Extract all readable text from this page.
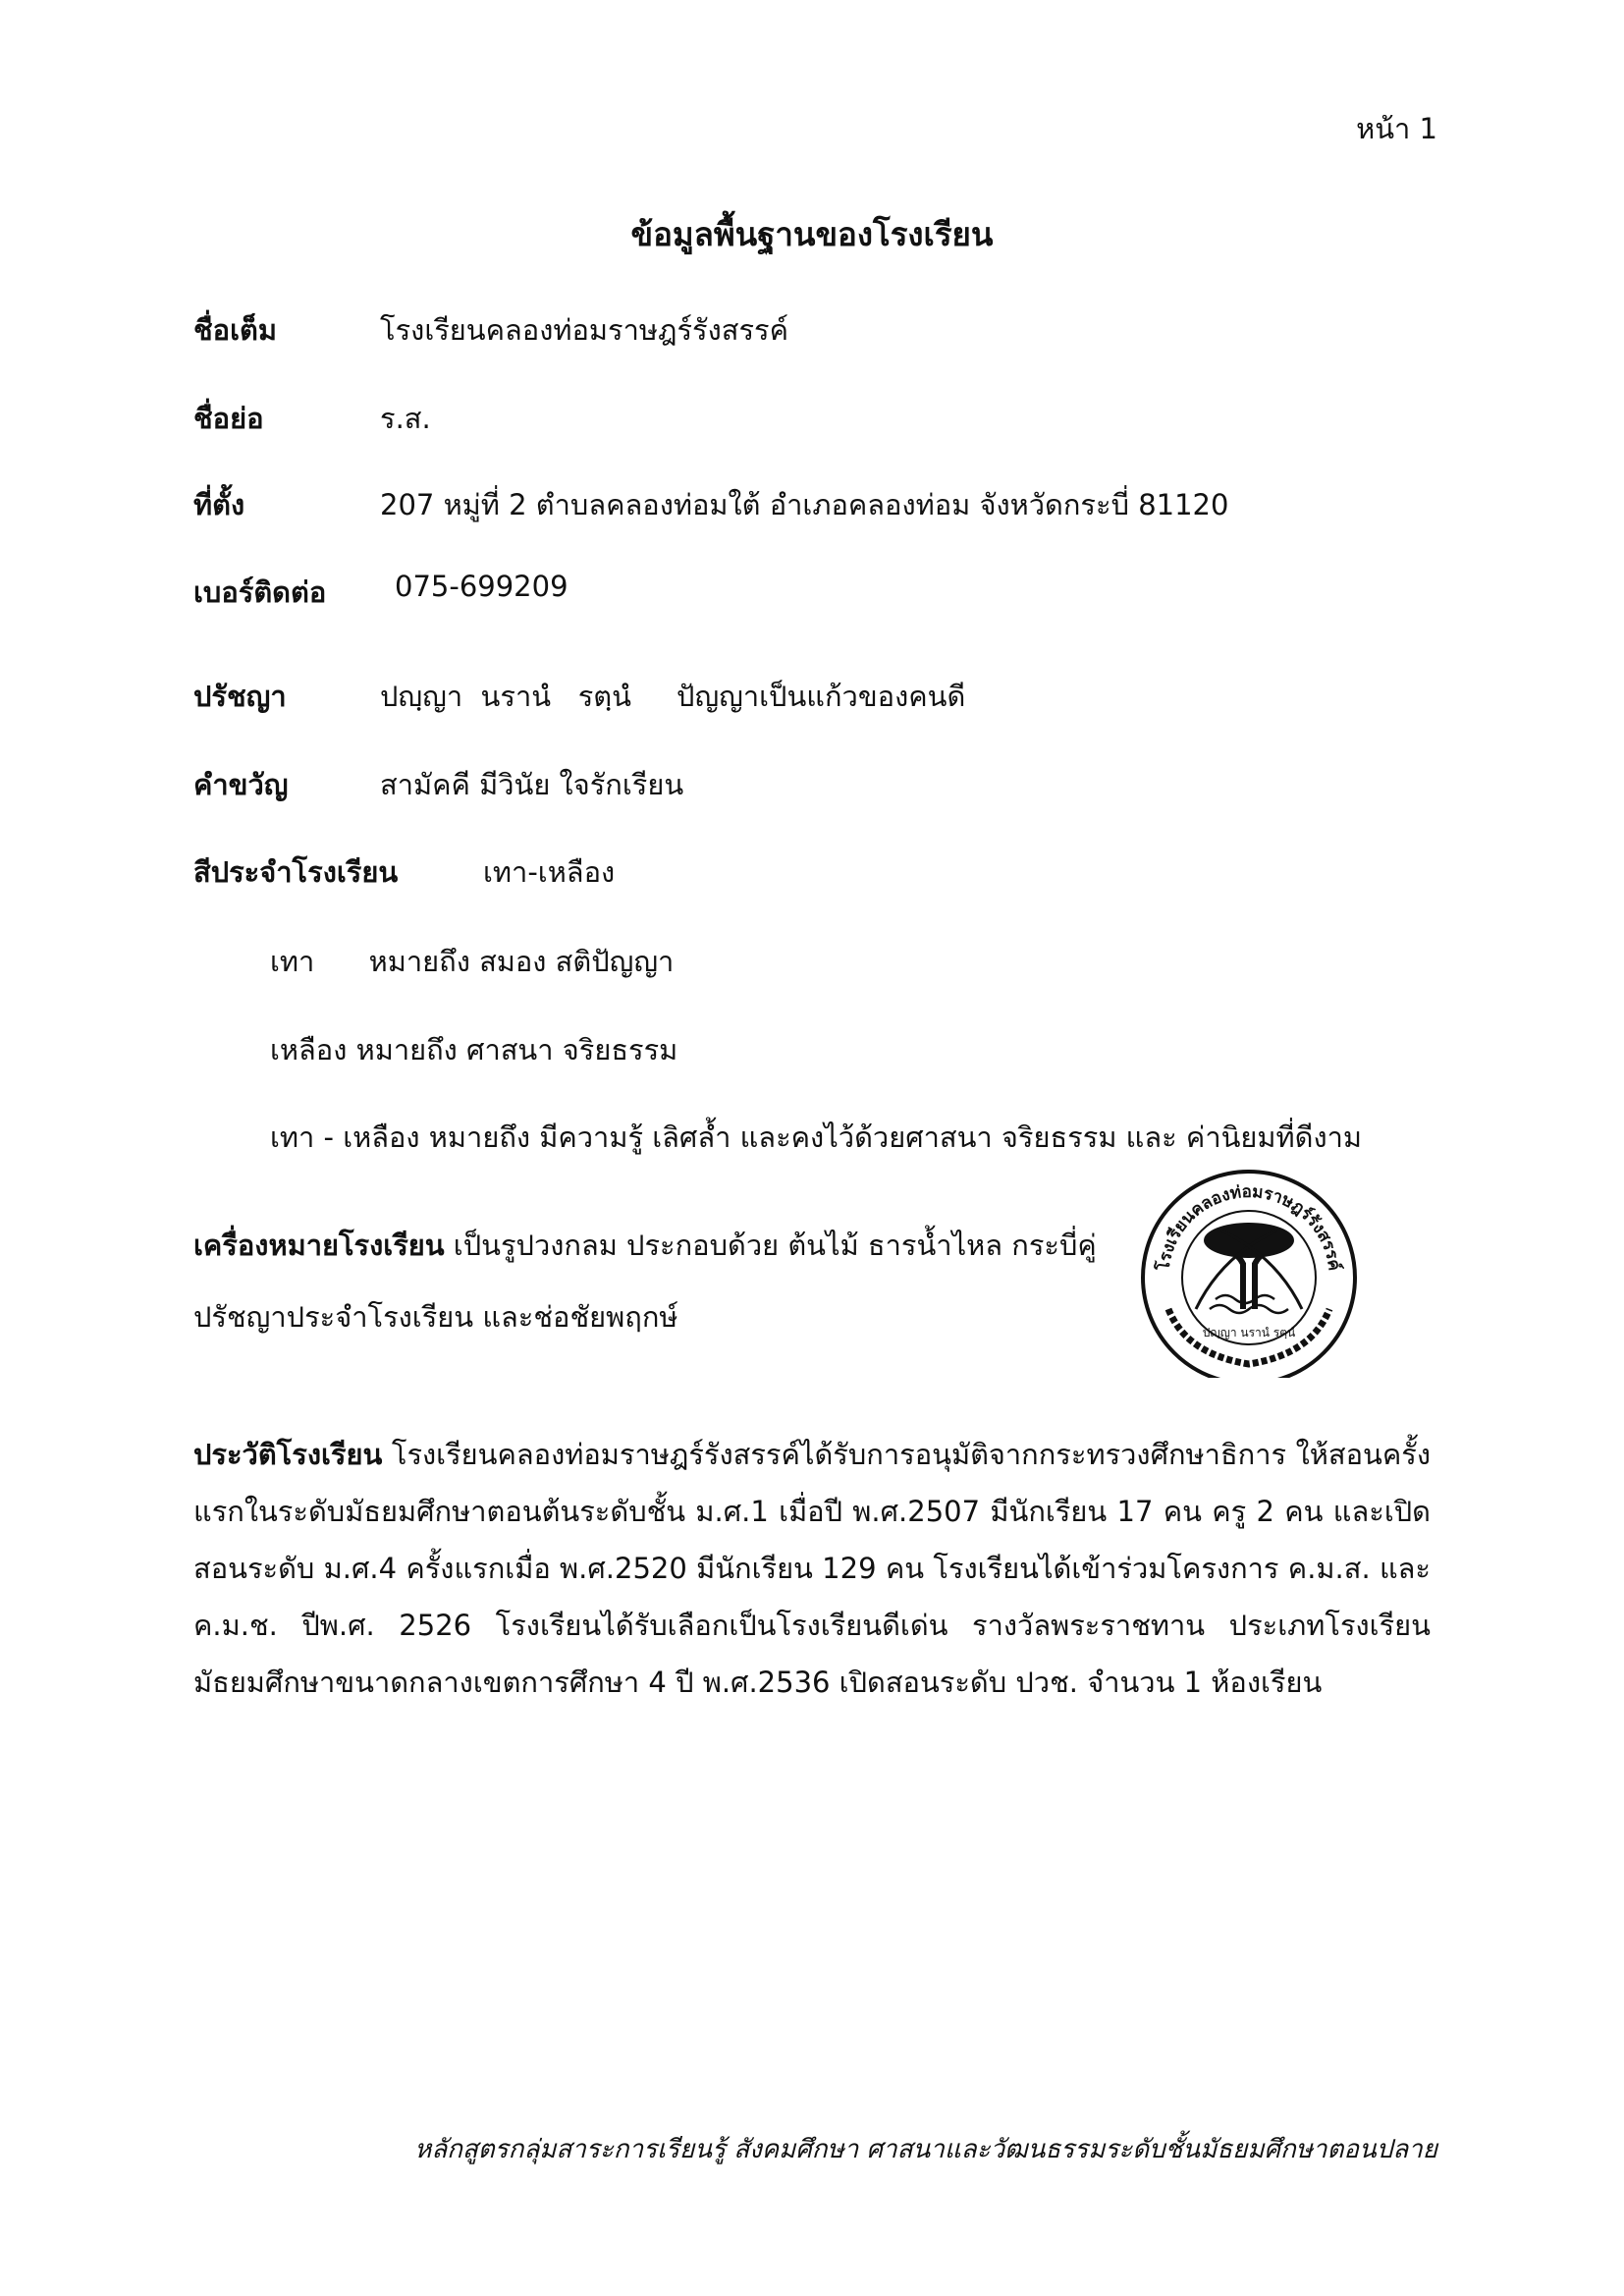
หน้า 1
ข้อมูลพื้นฐานของโรงเรียน
ชื่อเต็ม	โรงเรียนคลองท่อมราษฎร์รังสรรค์
ชื่อย่อ	ร.ส.
ที่ตั้ง	207 หมู่ที่ 2 ตำบลคลองท่อมใต้ อำเภอคลองท่อม จังหวัดกระบี่ 81120
เบอร์ติดต่อ 075-699209
ปรัชญา	ปญฺญา  นรานํ   รตฺนํ     ปัญญาเป็นแก้วของคนดี
คำขวัญ	สามัคคี มีวินัย ใจรักเรียน
สีประจำโรงเรียน	เทา-เหลือง
เทา      หมายถึง สมอง สติปัญญา
เหลือง หมายถึง ศาสนา จริยธรรม
เทา - เหลือง หมายถึง มีความรู้ เลิศล้ำ และคงไว้ด้วยศาสนา จริยธรรม และ ค่านิยมที่ดีงาม
เครื่องหมายโรงเรียน เป็นรูปวงกลม ประกอบด้วย ต้นไม้ ธารน้ำไหล กระบี่คู่
ปรัชญาประจำโรงเรียน และช่อชัยพฤกษ์
โรงเรียนคลองท่อมราษฎร์รังสรรค์
ปญฺญา นรานํ รตฺนํ
ประวัติโรงเรียน โรงเรียนคลองท่อมราษฎร์รังสรรค์ได้รับการอนุมัติจากกระทรวงศึกษาธิการ ให้สอนครั้งแรกในระดับมัธยมศึกษาตอนต้นระดับชั้น ม.ศ.1 เมื่อปี พ.ศ.2507 มีนักเรียน 17 คน ครู 2 คน และเปิดสอนระดับ ม.ศ.4 ครั้งแรกเมื่อ พ.ศ.2520 มีนักเรียน 129 คน โรงเรียนได้เข้าร่วมโครงการ ค.ม.ส. และ ค.ม.ช. ปีพ.ศ. 2526 โรงเรียนได้รับเลือกเป็นโรงเรียนดีเด่น รางวัลพระราชทาน ประเภทโรงเรียนมัธยมศึกษาขนาดกลางเขตการศึกษา 4 ปี พ.ศ.2536 เปิดสอนระดับ ปวช. จำนวน 1 ห้องเรียน
หลักสูตรกลุ่มสาระการเรียนรู้ สังคมศึกษา ศาสนาและวัฒนธรรมระดับชั้นมัธยมศึกษาตอนปลาย
